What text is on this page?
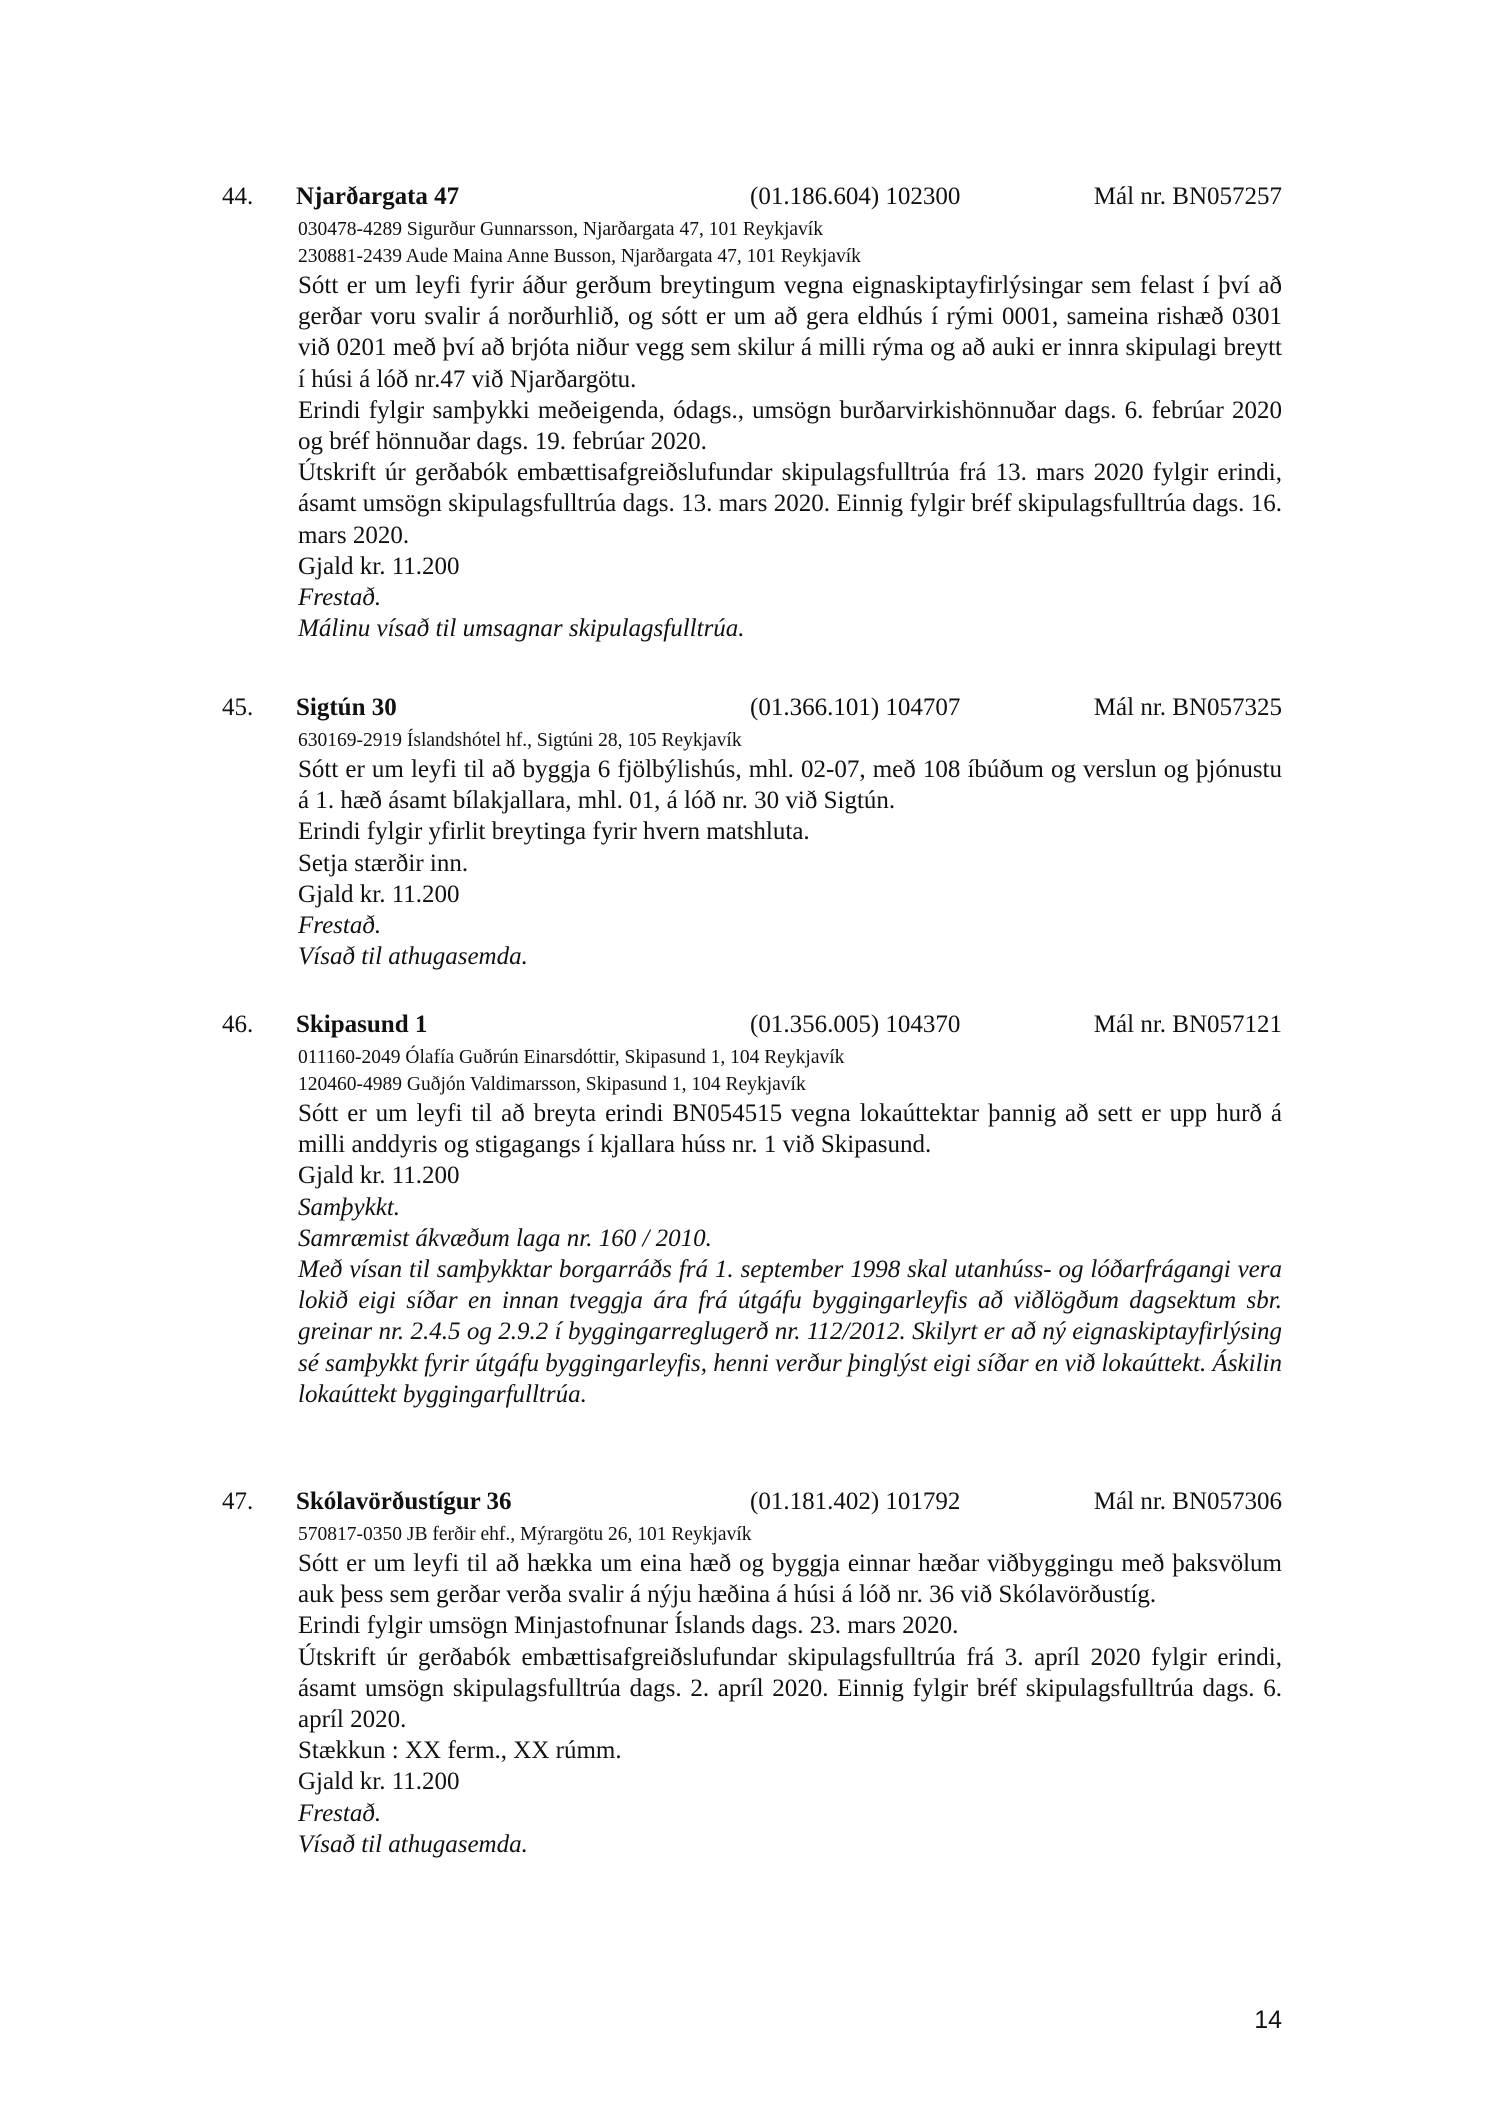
44. Njarðargata 47	(01.186.604) 102300	Mál nr. BN057257
030478-4289 Sigurður Gunnarsson, Njarðargata 47, 101 Reykjavík
230881-2439 Aude Maina Anne Busson, Njarðargata 47, 101 Reykjavík
Sótt er um leyfi fyrir áður gerðum breytingum vegna eignaskiptayfirlýsingar sem felast í því að gerðar voru svalir á norðurhlið, og sótt er um að gera eldhús í rými 0001, sameina rishæð 0301 við 0201 með því að brjóta niður vegg sem skilur á milli rýma og að auki er innra skipulagi breytt í húsi á lóð nr.47 við Njarðargötu.
Erindi fylgir samþykki meðeigenda, ódags., umsögn burðarvirkishönnuðar dags. 6. febrúar 2020 og bréf hönnuðar dags. 19. febrúar 2020.
Útskrift úr gerðabók embættisafgreiðslufundar skipulagsfulltrúa frá 13. mars 2020 fylgir erindi, ásamt umsögn skipulagsfulltrúa dags. 13. mars 2020. Einnig fylgir bréf skipulagsfulltrúa dags. 16. mars 2020.
Gjald kr. 11.200
Frestað.
Málinu vísað til umsagnar skipulagsfulltrúa.
45. Sigtún 30	(01.366.101) 104707	Mál nr. BN057325
630169-2919 Íslandshótel hf., Sigtúni 28, 105 Reykjavík
Sótt er um leyfi til að byggja 6 fjölbýlishús, mhl. 02-07, með 108 íbúðum og verslun og þjónustu á 1. hæð ásamt bílakjallara, mhl. 01, á lóð nr. 30 við Sigtún.
Erindi fylgir yfirlit breytinga fyrir hvern matshluta.
Setja stærðir inn.
Gjald kr. 11.200
Frestað.
Vísað til athugasemda.
46. Skipasund 1	(01.356.005) 104370	Mál nr. BN057121
011160-2049 Ólafía Guðrún Einarsdóttir, Skipasund 1, 104 Reykjavík
120460-4989 Guðjón Valdimarsson, Skipasund 1, 104 Reykjavík
Sótt er um leyfi til að breyta erindi BN054515 vegna lokaúttektar þannig að sett er upp hurð á milli anddyris og stigagangs í kjallara húss nr. 1 við Skipasund.
Gjald kr. 11.200
Samþykkt.
Samræmist ákvæðum laga nr. 160 / 2010.
Með vísan til samþykktar borgarráðs frá 1. september 1998 skal utanhúss- og lóðarfrágangi vera lokið eigi síðar en innan tveggja ára frá útgáfu byggingarleyfis að viðlögðum dagsektum sbr. greinar nr. 2.4.5 og 2.9.2 í byggingarreglugerð nr. 112/2012. Skilyrt er að ný eignaskiptayfirlýsing sé samþykkt fyrir útgáfu byggingarleyfis, henni verður þinglýst eigi síðar en við lokaúttekt. Áskilin lokaúttekt byggingarfulltrúa.
47. Skólavörðustígur 36	(01.181.402) 101792	Mál nr. BN057306
570817-0350 JB ferðir ehf., Mýrargötu 26, 101 Reykjavík
Sótt er um leyfi til að hækka um eina hæð og byggja einnar hæðar viðbyggingu með þaksvölum auk þess sem gerðar verða svalir á nýju hæðina á húsi á lóð nr. 36 við Skólavörðustíg.
Erindi fylgir umsögn Minjastofnunar Íslands dags. 23. mars 2020.
Útskrift úr gerðabók embættisafgreiðslufundar skipulagsfulltrúa frá 3. apríl 2020 fylgir erindi, ásamt umsögn skipulagsfulltrúa dags. 2. apríl 2020. Einnig fylgir bréf skipulagsfulltrúa dags. 6. apríl 2020.
Stækkun : XX ferm., XX rúmm.
Gjald kr. 11.200
Frestað.
Vísað til athugasemda.
14
